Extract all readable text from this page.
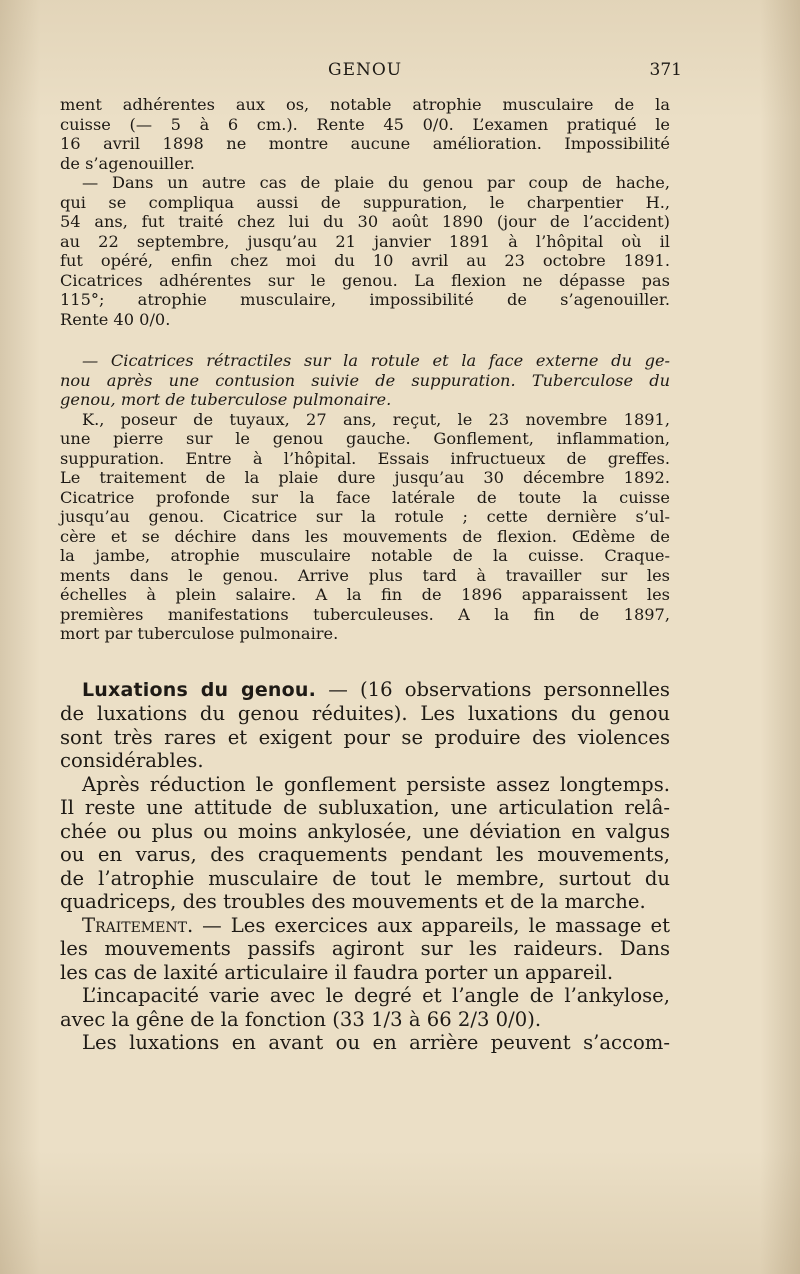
GENOU	371

ment adhérentes aux os, notable atrophie musculaire de la

cuisse (— 5 à 6 cm.). Rente 45 0/0. L’examen pratiqué le

16 avril 1898 ne montre aucune amélioration. Impossibilité

de s’agenouiller.

— Dans un autre cas de plaie du genou par coup de hache,

qui se compliqua aussi de suppuration, le charpentier H.,

54 ans, fut traité chez lui du 30 août 1890 (jour de l’accident)

au 22 septembre, jusqu’au 21 janvier 1891 à l’hôpital où il

fut opéré, enfin chez moi du 10 avril au 23 octobre 1891.

Cicatrices adhérentes sur le genou. La flexion ne dépasse pas

115°; atrophie musculaire, impossibilité de s’agenouiller.

Rente 40 0/0.

— Cicatrices rétractiles sur la rotule et la face externe du ge-

nou après une contusion suivie de suppuration. Tuberculose du

genou, mort de tuberculose pulmonaire.

K., poseur de tuyaux, 27 ans, reçut, le 23 novembre 1891,

une pierre sur le genou gauche. Gonflement, inflammation,

suppuration. Entre à l’hôpital. Essais infructueux de greffes.

Le traitement de la plaie dure jusqu’au 30 décembre 1892.

Cicatrice profonde sur la face latérale de toute la cuisse

jusqu’au genou. Cicatrice sur la rotule ; cette dernière s’ul-

cère et se déchire dans les mouvements de flexion. Œdème de

la jambe, atrophie musculaire notable de la cuisse. Craque-

ments dans le genou. Arrive plus tard à travailler sur les

échelles à plein salaire. A la fin de 1896 apparaissent les

premières manifestations tuberculeuses. A la fin de 1897,

mort par tuberculose pulmonaire.

Luxations du genou. — (16 observations personnelles

de luxations du genou réduites). Les luxations du genou

sont très rares et exigent pour se produire des violences

considérables.

Après réduction le gonflement persiste assez longtemps.

Il reste une attitude de subluxation, une articulation relâ-

chée ou plus ou moins ankylosée, une déviation en valgus

ou en varus, des craquements pendant les mouvements,

de l’atrophie musculaire de tout le membre, surtout du

quadriceps, des troubles des mouvements et de la marche.

Traitement. — Les exercices aux appareils, le massage et

les mouvements passifs agiront sur les raideurs. Dans

les cas de laxité articulaire il faudra porter un appareil.

L’incapacité varie avec le degré et l’angle de l’ankylose,

avec la gêne de la fonction (33 1/3 à 66 2/3 0/0).

Les luxations en avant ou en arrière peuvent s’accom-
